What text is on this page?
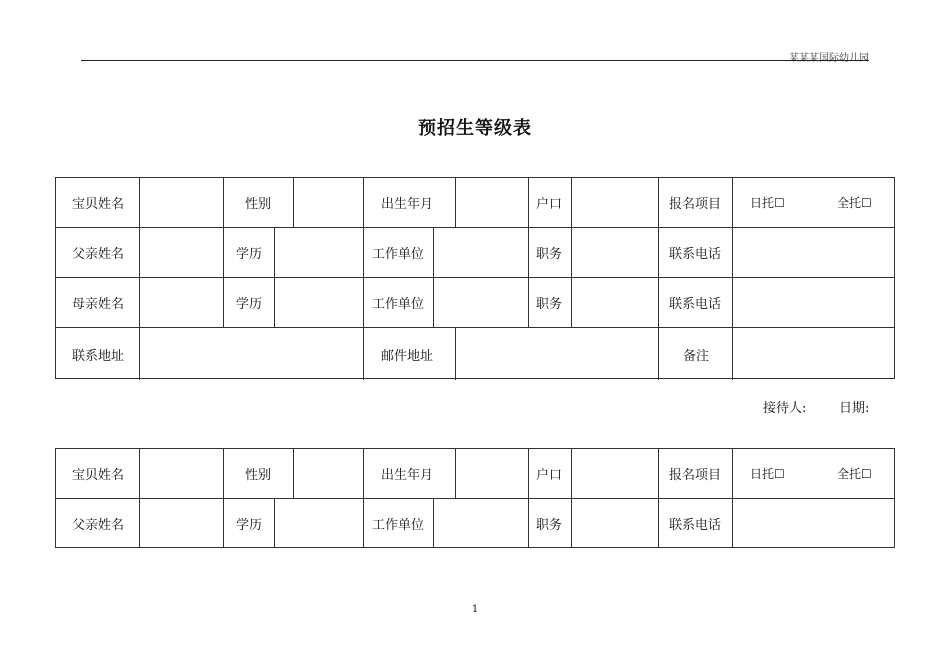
某某某国际幼儿园
预招生等级表
宝贝姓名	性别	出生年月	户口	报名项目 日托☐	全托☐
父亲姓名	学历	工作单位	职务	联系电话
母亲姓名	学历	工作单位	职务	联系电话
联系地址	邮件地址	备注
接待人:	日期:
宝贝姓名	性别	出生年月	户口	报名项目 日托☐	全托☐
父亲姓名	学历	工作单位	职务	联系电话
1
